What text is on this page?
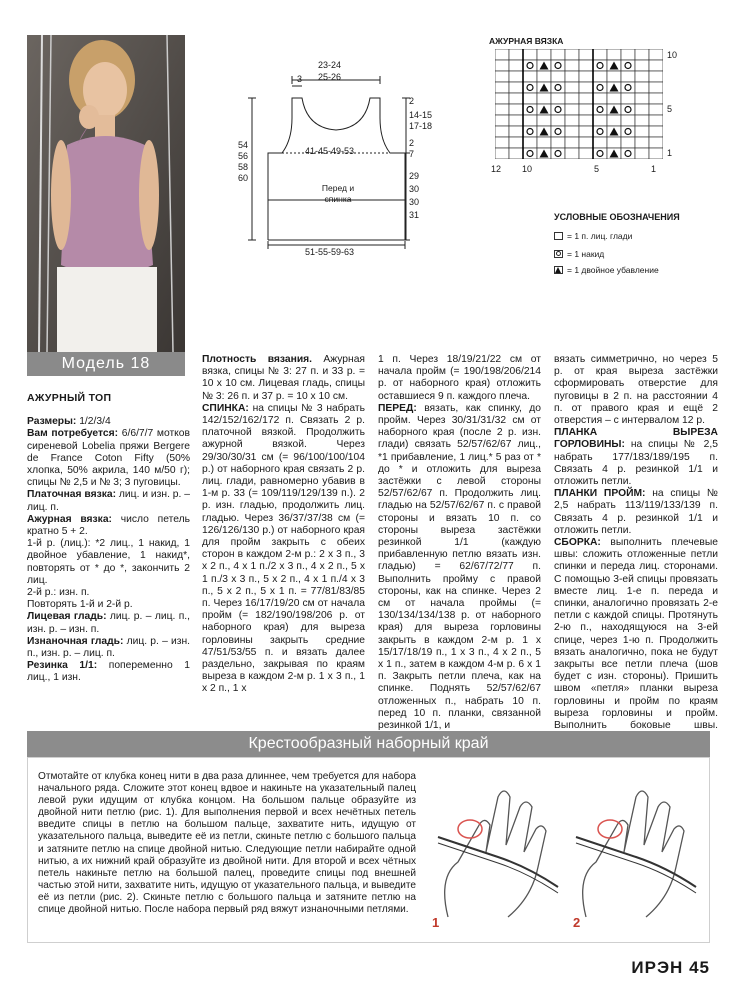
Модель 18
23-24
25-26
3
41-45-49-53
Перед и спинка
51-55-59-63
54
56
58
60
2
14-15
17-18
2
7
29
30
30
31
АЖУРНАЯ ВЯЗКА
10
5
1
12 10	5	1
УСЛОВНЫЕ ОБОЗНАЧЕНИЯ
= 1 п. лиц. глади
= 1 накид
= 1 двойное убавление
АЖУРНЫЙ ТОП

Размеры: 1/2/3/4

Вам потребуется: 6/6/7/7 мотков сиреневой Lobelia пряжи Bergere de France Coton Fifty (50% хлопка, 50% акрила, 140 м/50 г); спицы № 2,5 и № 3; 3 пуговицы.

Платочная вязка: лиц. и изн. р. – лиц. п.

Ажурная вязка: число петель кратно 5 + 2.

1-й р. (лиц.): *2 лиц., 1 накид, 1 двойное убавление, 1 накид*, повторять от * до *, закончить 2 лиц.

2-й р.: изн. п.

Повторять 1-й и 2-й р.

Лицевая гладь: лиц. р. – лиц. п., изн. р. – изн. п.

Изнаночная гладь: лиц. р. – изн. п., изн. р. – лиц. п.

Резинка 1/1: попеременно 1 лиц., 1 изн.

Плотность вязания. Ажурная вязка, спицы № 3: 27 п. и 33 р. = 10 x 10 см. Лицевая гладь, спицы № 3: 26 п. и 37 р. = 10 x 10 см.

СПИНКА: на спицы № 3 набрать 142/152/162/172 п. Связать 2 р. платочной вязкой. Продолжить ажурной вязкой. Через 29/30/30/31 см (= 96/100/100/104 р.) от наборного края связать 2 р. лиц. глади, равномерно убавив в 1-м р. 33 (= 109/119/129/139 п.). 2 р. изн. гладью, продолжить лиц. гладью. Через 36/37/37/38 см (= 126/126/130 р.) от наборного края для пройм закрыть с обеих сторон в каждом 2-м р.: 2 x 3 п., 3 x 2 п., 4 x 1 п./2 x 3 п., 4 x 2 п., 5 x 1 п./3 x 3 п., 5 x 2 п., 4 x 1 п./4 x 3 п., 5 x 2 п., 5 x 1 п. = 77/81/83/85 п. Через 16/17/19/20 см от начала пройм (= 182/190/198/206 р. от наборного края) для выреза горловины закрыть средние 47/51/53/55 п. и вязать далее раздельно, закрывая по краям выреза в каждом 2-м р. 1 x 3 п., 1 x 2 п., 1 x

1 п. Через 18/19/21/22 см от начала пройм (= 190/198/206/214 р. от наборного края) отложить оставшиеся 9 п. каждого плеча.

ПЕРЕД: вязать, как спинку, до пройм. Через 30/31/31/32 см от наборного края (после 2 р. изн. глади) связать 52/57/62/67 лиц., *1 прибавление, 1 лиц.* 5 раз от * до * и отложить для выреза застёжки с левой стороны 52/57/62/67 п. Продолжить лиц. гладью на 52/57/62/67 п. с правой стороны и вязать 10 п. со стороны выреза застёжки резинкой 1/1 (каждую прибавленную петлю вязать изн. гладью) = 62/67/72/77 п. Выполнить пройму с правой стороны, как на спинке. Через 2 см от начала проймы (= 130/134/134/138 р. от наборного края) для выреза горловины закрыть в каждом 2-м р. 1 x 15/17/18/19 п., 1 x 3 п., 4 x 2 п., 5 x 1 п., затем в каждом 4-м р. 6 x 1 п. Закрыть петли плеча, как на спинке. Поднять 52/57/62/67 отложенных п., набрать 10 п. перед 10 п. планки, связанной резинкой 1/1, и

вязать симметрично, но через 5 р. от края выреза застёжки сформировать отверстие для пуговицы в 2 п. на расстоянии 4 п. от правого края и ещё 2 отверстия – с интервалом 12 р.

ПЛАНКА ВЫРЕЗА ГОРЛОВИНЫ: на спицы № 2,5 набрать 177/183/189/195 п. Связать 4 р. резинкой 1/1 и отложить петли.

ПЛАНКИ ПРОЙМ: на спицы № 2,5 набрать 113/119/133/139 п. Связать 4 р. резинкой 1/1 и отложить петли.

СБОРКА: выполнить плечевые швы: сложить отложенные петли спинки и переда лиц. сторонами. С помощью 3-ей спицы провязать вместе лиц. 1-е п. переда и спинки, аналогично провязать 2-е петли с каждой спицы. Протянуть 2-ю п., находящуюся на 3-ей спице, через 1-ю п. Продолжить вязать аналогично, пока не будут закрыты все петли плеча (шов будет с изн. стороны). Пришить швом «петля» планки выреза горловины и пройм по краям выреза горловины и пройм. Выполнить боковые швы.

Крестообразный наборный край
Отмотайте от клубка конец нити в два раза длиннее, чем требуется для набора начального ряда. Сложите этот конец вдвое и накиньте на указательный палец левой руки идущим от клубка концом. На большом пальце образуйте из двойной нити петлю (рис. 1). Для выполнения первой и всех нечётных петель введите спицы в петлю на большом пальце, захватите нить, идущую от указательного пальца, выведите её из петли, скиньте петлю с большого пальца и затяните петлю на спице двойной нитью. Следующие петли набирайте одной нитью, а их нижний край образуйте из двойной нити. Для второй и всех чётных петель накиньте петлю на большой палец, проведите спицы под внешней частью этой нити, захватите нить, идущую от указательного пальца, и выведите её из петли (рис. 2). Скиньте петлю с большого пальца и затяните петлю на спице двойной нитью. После набора первый ряд вяжут изнаночными петлями.
1	2
ИРЭН 45
